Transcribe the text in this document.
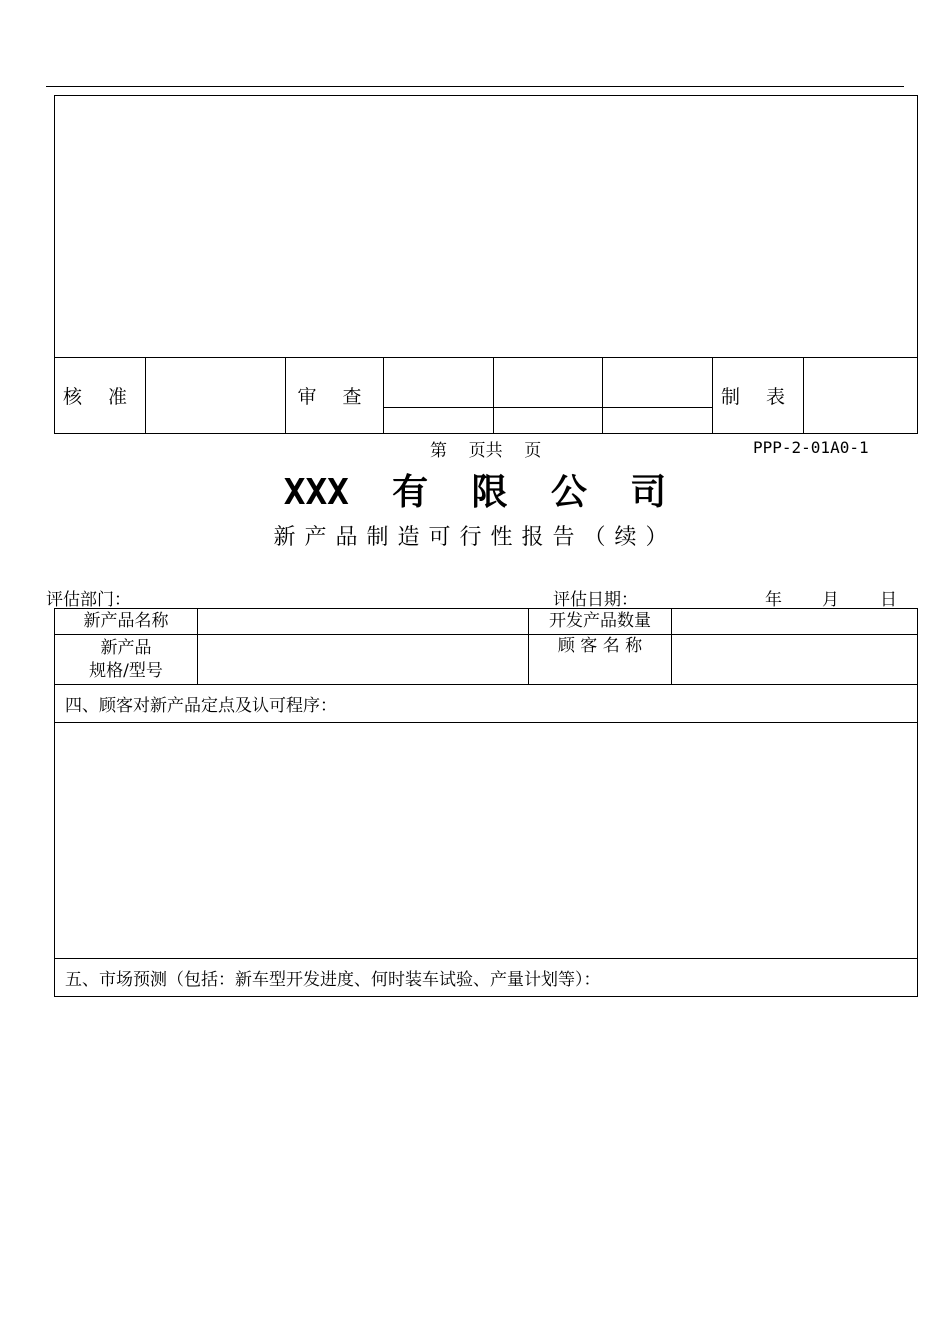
核 准		审 查				制 表	

第    页共    页	PPP-2-01A0-1
XXX  有  限  公  司
新产品制造可行性报告（续）
评估部门：	评估日期：	年 月 日
新产品名称		开发产品数量	

新产品
规格/型号		顾 客 名 称	
四、顾客对新产品定点及认可程序：			

五、市场预测（包括：新车型开发进度、何时装车试验、产量计划等）：			
